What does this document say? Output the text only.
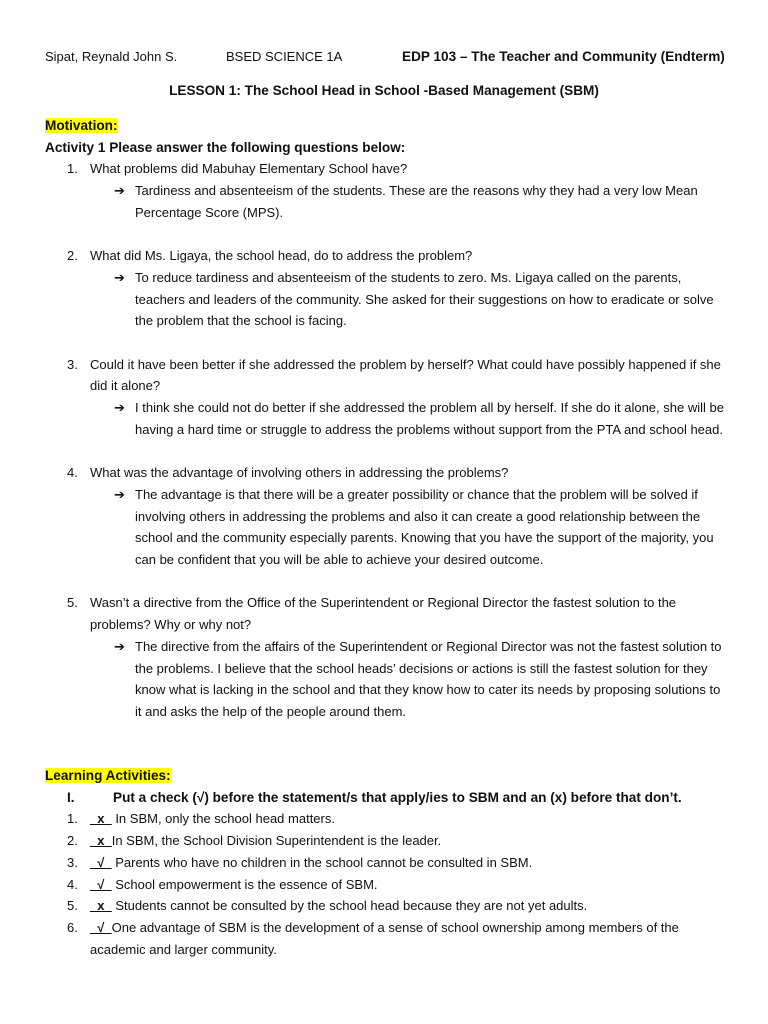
Sipat, Reynald John S.	BSED SCIENCE 1A	EDP 103 – The Teacher and Community (Endterm)
LESSON 1: The School Head in School -Based Management (SBM)
Motivation:
Activity 1 Please answer the following questions below:
1. What problems did Mabuhay Elementary School have?
➔ Tardiness and absenteeism of the students. These are the reasons why they had a very low Mean Percentage Score (MPS).
2. What did Ms. Ligaya, the school head, do to address the problem?
➔ To reduce tardiness and absenteeism of the students to zero. Ms. Ligaya called on the parents, teachers and leaders of the community. She asked for their suggestions on how to eradicate or solve the problem that the school is facing.
3. Could it have been better if she addressed the problem by herself? What could have possibly happened if she did it alone?
➔ I think she could not do better if she addressed the problem all by herself. If she do it alone, she will be having a hard time or struggle to address the problems without support from the PTA and school head.
4. What was the advantage of involving others in addressing the problems?
➔ The advantage is that there will be a greater possibility or chance that the problem will be solved if involving others in addressing the problems and also it can create a good relationship between the school and the community especially parents. Knowing that you have the support of the majority, you can be confident that you will be able to achieve your desired outcome.
5. Wasn’t a directive from the Office of the Superintendent or Regional Director the fastest solution to the problems? Why or why not?
➔ The directive from the affairs of the Superintendent or Regional Director was not the fastest solution to the problems. I believe that the school heads’ decisions or actions is still the fastest solution for they know what is lacking in the school and that they know how to cater its needs by proposing solutions to it and asks the help of the people around them.
Learning Activities:
I.	Put a check (√) before the statement/s that apply/ies to SBM and an (x) before that don’t.
1. _x_ In SBM, only the school head matters.
2. _x_In SBM, the School Division Superintendent is the leader.
3. _√_ Parents who have no children in the school cannot be consulted in SBM.
4. _√_ School empowerment is the essence of SBM.
5. _x_ Students cannot be consulted by the school head because they are not yet adults.
6. _√_One advantage of SBM is the development of a sense of school ownership among members of the academic and larger community.
